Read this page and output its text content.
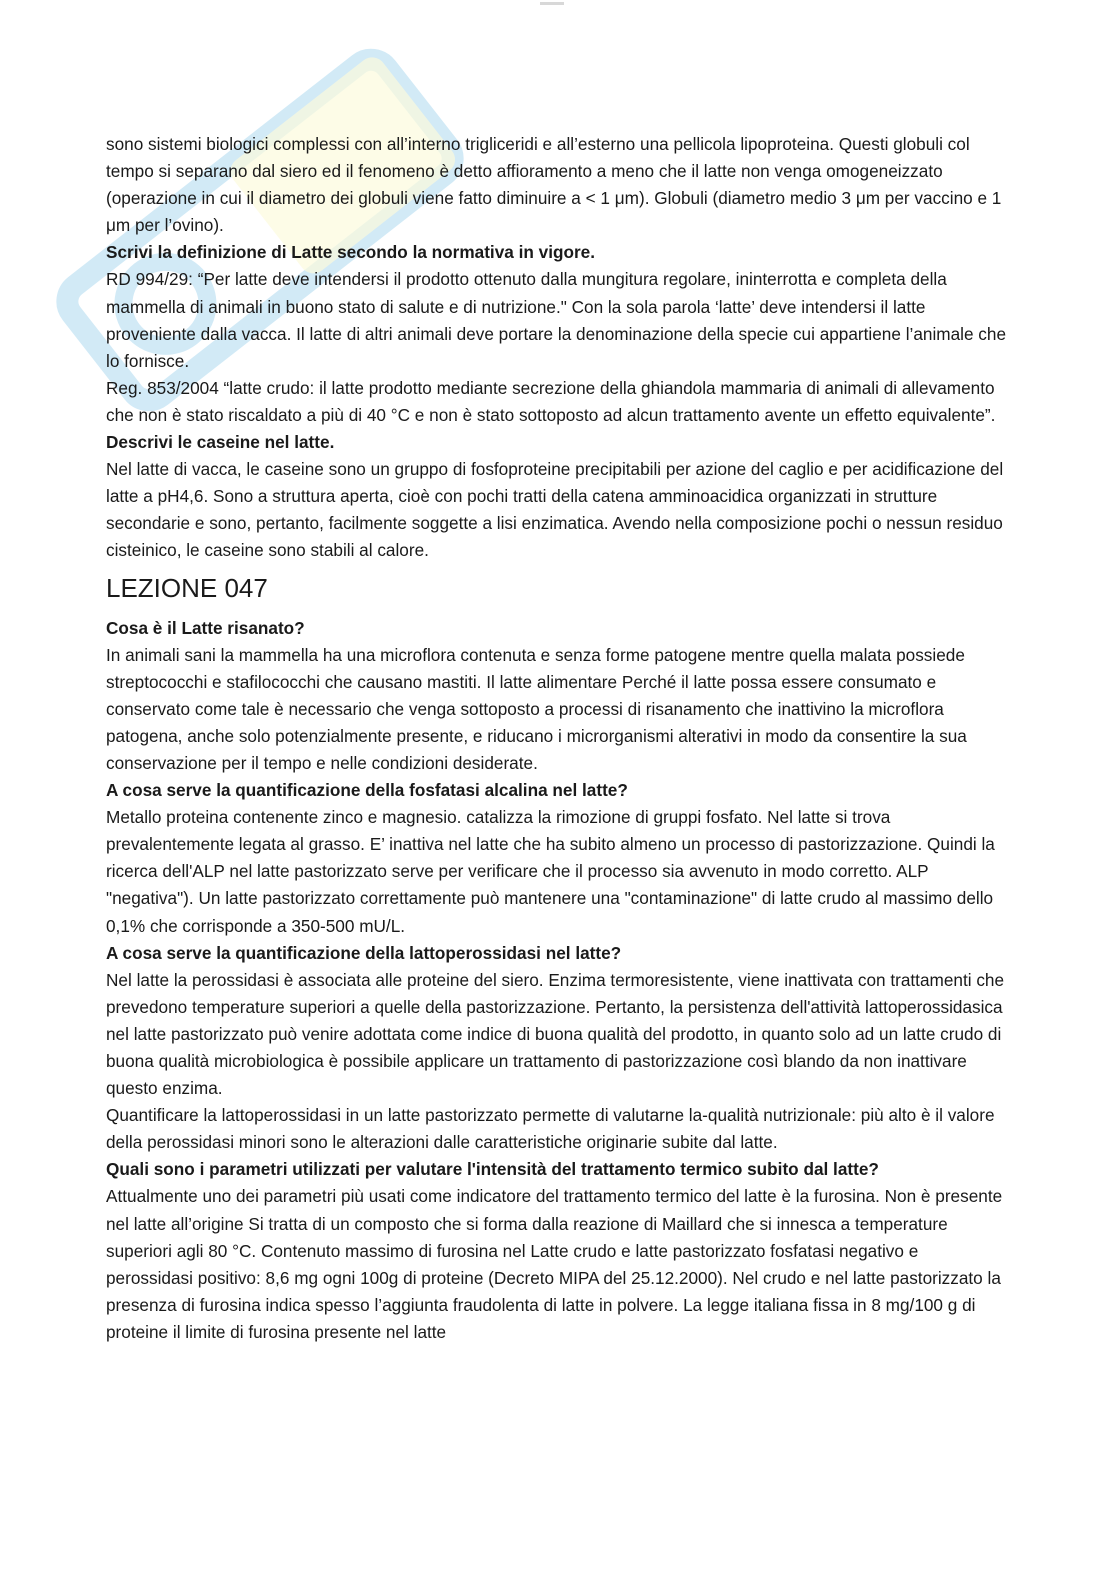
sono sistemi biologici complessi con all’interno trigliceridi e all’esterno una pellicola lipoproteina. Questi globuli col tempo si separano dal siero ed il fenomeno è detto affioramento a meno che il latte non venga omogeneizzato (operazione in cui il diametro dei globuli viene fatto diminuire a < 1 μm). Globuli (diametro medio 3 μm per vaccino e 1 μm per l’ovino).

Scrivi la definizione di Latte secondo la normativa in vigore.

RD 994/29: “Per latte deve intendersi il prodotto ottenuto dalla mungitura regolare, ininterrotta e completa della mammella di animali in buono stato di salute e di nutrizione." Con la sola parola ‘latte’ deve intendersi il latte proveniente dalla vacca. Il latte di altri animali deve portare la denominazione della specie cui appartiene l’animale che lo fornisce.

Reg. 853/2004 “latte crudo: il latte prodotto mediante secrezione della ghiandola mammaria di animali di allevamento che non è stato riscaldato a più di 40 °C e non è stato sottoposto ad alcun trattamento avente un effetto equivalente”.

Descrivi le caseine nel latte.

Nel latte di vacca, le caseine sono un gruppo di fosfoproteine precipitabili per azione del caglio e per acidificazione del latte a pH4,6. Sono a struttura aperta, cioè con pochi tratti della catena amminoacidica organizzati in strutture secondarie e sono, pertanto, facilmente soggette a lisi enzimatica. Avendo nella composizione pochi o nessun residuo cisteinico, le caseine sono stabili al calore.

LEZIONE 047

Cosa è il Latte risanato?

In animali sani la mammella ha una microflora contenuta e senza forme patogene mentre quella malata possiede streptococchi e stafilococchi che causano mastiti. Il latte alimentare Perché il latte possa essere consumato e conservato come tale è necessario che venga sottoposto a processi di risanamento che inattivino la microflora patogena, anche solo potenzialmente presente, e riducano i microrganismi alterativi in modo da consentire la sua conservazione per il tempo e nelle condizioni desiderate.

A cosa serve la quantificazione della fosfatasi alcalina nel latte?

Metallo proteina contenente zinco e magnesio. catalizza la rimozione di gruppi fosfato. Nel latte si trova prevalentemente legata al grasso. E’ inattiva nel latte che ha subito almeno un processo di pastorizzazione. Quindi la ricerca dell'ALP nel latte pastorizzato serve per verificare che il processo sia avvenuto in modo corretto. ALP "negativa"). Un latte pastorizzato correttamente può mantenere una "contaminazione" di latte crudo al massimo dello 0,1% che corrisponde a 350-500 mU/L.

A cosa serve la quantificazione della lattoperossidasi nel latte?

Nel latte la perossidasi è associata alle proteine del siero. Enzima termoresistente, viene inattivata con trattamenti che prevedono temperature superiori a quelle della pastorizzazione. Pertanto, la persistenza dell'attività lattoperossidasica nel latte pastorizzato può venire adottata come indice di buona qualità del prodotto, in quanto solo ad un latte crudo di buona qualità microbiologica è possibile applicare un trattamento di pastorizzazione così blando da non inattivare questo enzima.

Quantificare la lattoperossidasi in un latte pastorizzato permette di valutarne la-qualità nutrizionale: più alto è il valore della perossidasi minori sono le alterazioni dalle caratteristiche originarie subite dal latte.

Quali sono i parametri utilizzati per valutare l'intensità del trattamento termico subito dal latte?

Attualmente uno dei parametri più usati come indicatore del trattamento termico del latte è la furosina. Non è presente nel latte all’origine Si tratta di un composto che si forma dalla reazione di Maillard che si innesca a temperature superiori agli 80 °C. Contenuto massimo di furosina nel Latte crudo e latte pastorizzato fosfatasi negativo e perossidasi positivo: 8,6 mg ogni 100g di proteine (Decreto MIPA del 25.12.2000). Nel crudo e nel latte pastorizzato la presenza di furosina indica spesso l’aggiunta fraudolenta di latte in polvere. La legge italiana fissa in 8 mg/100 g di proteine il limite di furosina presente nel latte
